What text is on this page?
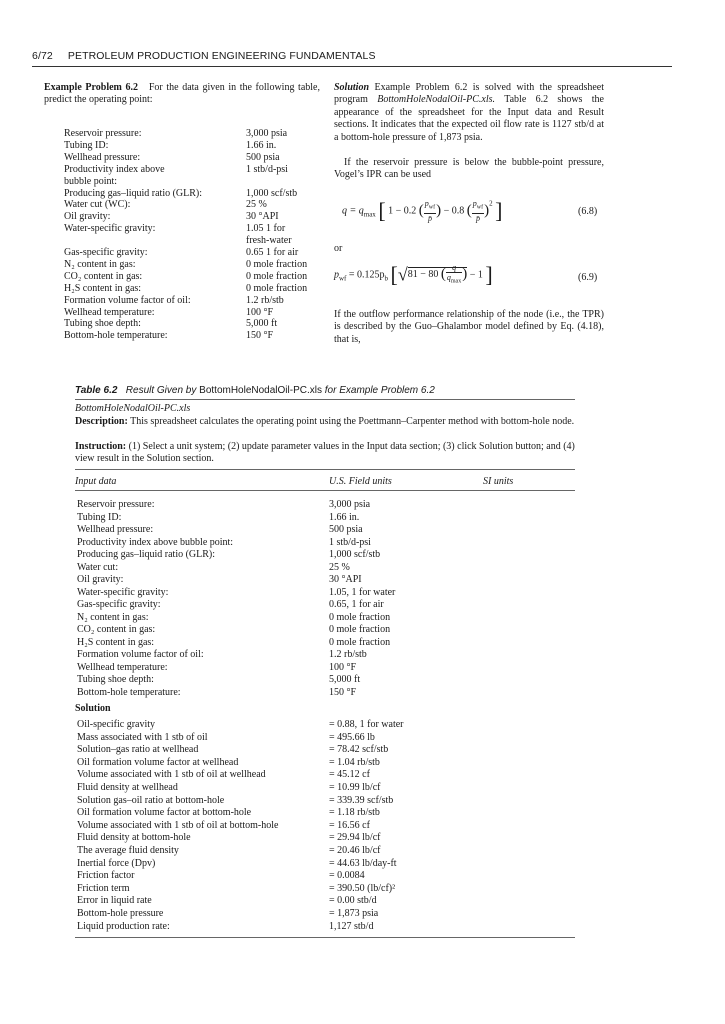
6/72 PETROLEUM PRODUCTION ENGINEERING FUNDAMENTALS
Example Problem 6.2 For the data given in the following table, predict the operating point:
Reservoir pressure:	3,000 psia
Tubing ID:	1.66 in.
Wellhead pressure:	500 psia
Productivity index above	1 stb/d-psi
bubble point:
Producing gas–liquid ratio (GLR):	1,000 scf/stb
Water cut (WC):	25 %
Oil gravity:	30 °API
Water-specific gravity:	1.05 1 for
fresh-water
Gas-specific gravity:	0.65 1 for air
N₂ content in gas:	0 mole fraction
CO₂ content in gas:	0 mole fraction
H₂S content in gas:	0 mole fraction
Formation volume factor of oil:	1.2 rb/stb
Wellhead temperature:	100 °F
Tubing shoe depth:	5,000 ft
Bottom-hole temperature:	150 °F
Solution Example Problem 6.2 is solved with the spreadsheet program BottomHoleNodalOil-PC.xls. Table 6.2 shows the appearance of the spreadsheet for the Input data and Result sections. It indicates that the expected oil flow rate is 1127 stb/d at a bottom-hole pressure of 1,873 psia.
If the reservoir pressure is below the bubble-point pressure, Vogel’s IPR can be used
$q = q_{max}$ [ 1 − 0.2 ( $\frac{p_{wf}}{p̄}$ ) − 0.8 ( $\frac{p_{wf}}{p̄} )^2$ ]	(6.8)
or
$p_{wf} = 0.125p_b$ [√81 − 80 ( $\frac{q}{q_{max}}$ ) − 1 ]	(6.9)
If the outflow performance relationship of the node (i.e., the TPR) is described by the Guo–Ghalambor model defined by Eq. (4.18), that is,
Table 6.2 Result Given by BottomHoleNodalOil-PC.xls for Example Problem 6.2
BottomHoleNodalOil-PC.xls
Description: This spreadsheet calculates the operating point using the Poettmann–Carpenter method with bottom-hole node.
Instruction: (1) Select a unit system; (2) update parameter values in the Input data section; (3) click Solution button; and (4) view result in the Solution section.
Input data	U.S. Field units	SI units
Reservoir pressure:	3,000 psia
Tubing ID:	1.66 in.
Wellhead pressure:	500 psia
Productivity index above bubble point:	1 stb/d-psi
Producing gas–liquid ratio (GLR):	1,000 scf/stb
Water cut:	25 %
Oil gravity:	30 °API
Water-specific gravity:	1.05, 1 for water
Gas-specific gravity:	0.65, 1 for air
N₂ content in gas:	0 mole fraction
CO₂ content in gas:	0 mole fraction
H₂S content in gas:	0 mole fraction
Formation volume factor of oil:	1.2 rb/stb
Wellhead temperature:	100 °F
Tubing shoe depth:	5,000 ft
Bottom-hole temperature:	150 °F
Solution
Oil-specific gravity	= 0.88, 1 for water
Mass associated with 1 stb of oil	= 495.66 lb
Solution–gas ratio at wellhead	= 78.42 scf/stb
Oil formation volume factor at wellhead	= 1.04 rb/stb
Volume associated with 1 stb of oil at wellhead	= 45.12 cf
Fluid density at wellhead	= 10.99 lb/cf
Solution gas–oil ratio at bottom-hole	= 339.39 scf/stb
Oil formation volume factor at bottom-hole	= 1.18 rb/stb
Volume associated with 1 stb of oil at bottom-hole	= 16.56 cf
Fluid density at bottom-hole	= 29.94 lb/cf
The average fluid density	= 20.46 lb/cf
Inertial force (Dpv)	= 44.63 lb/day-ft
Friction factor	= 0.0084
Friction term	= 390.50 (lb/cf)²
Error in liquid rate	= 0.00 stb/d
Bottom-hole pressure	= 1,873 psia
Liquid production rate:	1,127 stb/d
